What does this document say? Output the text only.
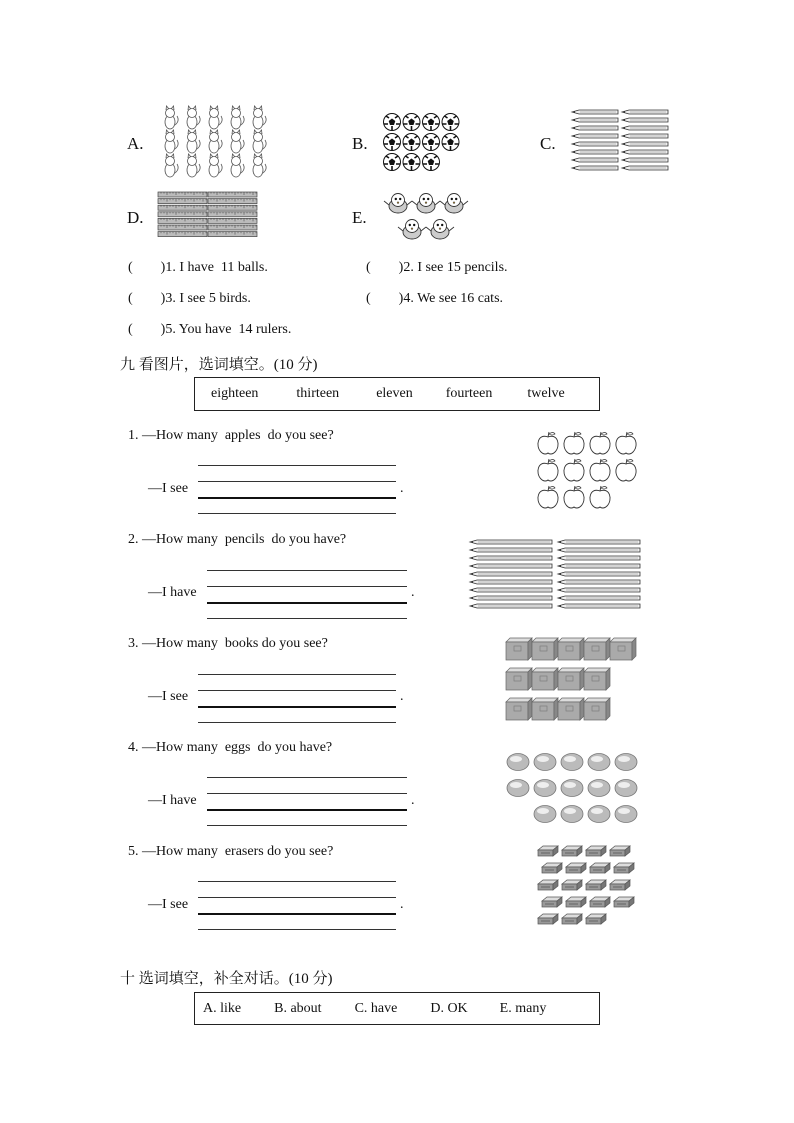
A.	B.	C.
D.	E.
(        )1. I have  11 balls.	(        )2. I see 15 pencils.
(        )3. I see 5 birds.	(        )4. We see 16 cats.
(        )5. You have  14 rulers.
九 看图片，选词填空。(10 分)
eighteen	thirteen	eleven fourteen	twelve
1. —How many  apples  do you see?
—I see	.
2. —How many  pencils  do you have?
—I have	.
3. —How many  books do you see?
—I see	.
4. —How many  eggs  do you have?
—I have	.
5. —How many  erasers do you see?
—I see	.
十 选词填空，补全对话。(10 分)
A. like B. about C. have D. OK E. many
